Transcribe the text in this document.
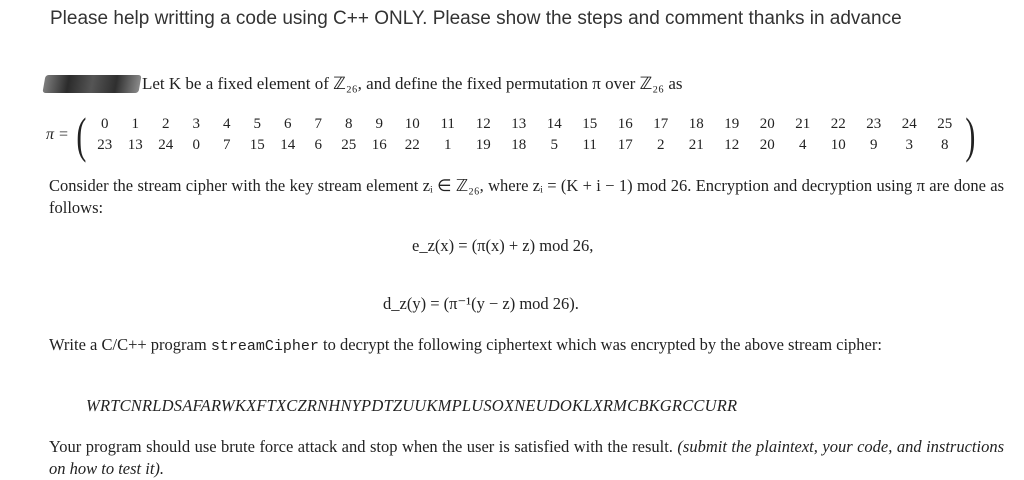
Please help writting a code using C++ ONLY. Please show the steps and comment thanks in advance
Let K be a fixed element of ℤ₂₆, and define the fixed permutation π over ℤ₂₆ as
π = ( 0	1	2	3	4	5	6	7	8	9	10	11	12	13	14	15	16	17	18	19	20	21	22	23	24	25
23	13	24	0	7	15	14	6	25	16	22	1	19	18	5	11	17	2	21	12	20	4	10	9	3	8 )
Consider the stream cipher with the key stream element zᵢ ∈ ℤ₂₆, where zᵢ = (K + i − 1) mod 26. Encryption and decryption using π are done as follows:
e_z(x) = (π(x) + z) mod 26,
d_z(y) = (π⁻¹(y − z) mod 26).
Write a C/C++ program streamCipher to decrypt the following ciphertext which was encrypted by the above stream cipher:
WRTCNRLDSAFARWKXFTXCZRNHNYPDTZUUKMPLUSOXNEUDOKLXRMCBKGRCCURR
Your program should use brute force attack and stop when the user is satisfied with the result. (submit the plaintext, your code, and instructions on how to test it).
